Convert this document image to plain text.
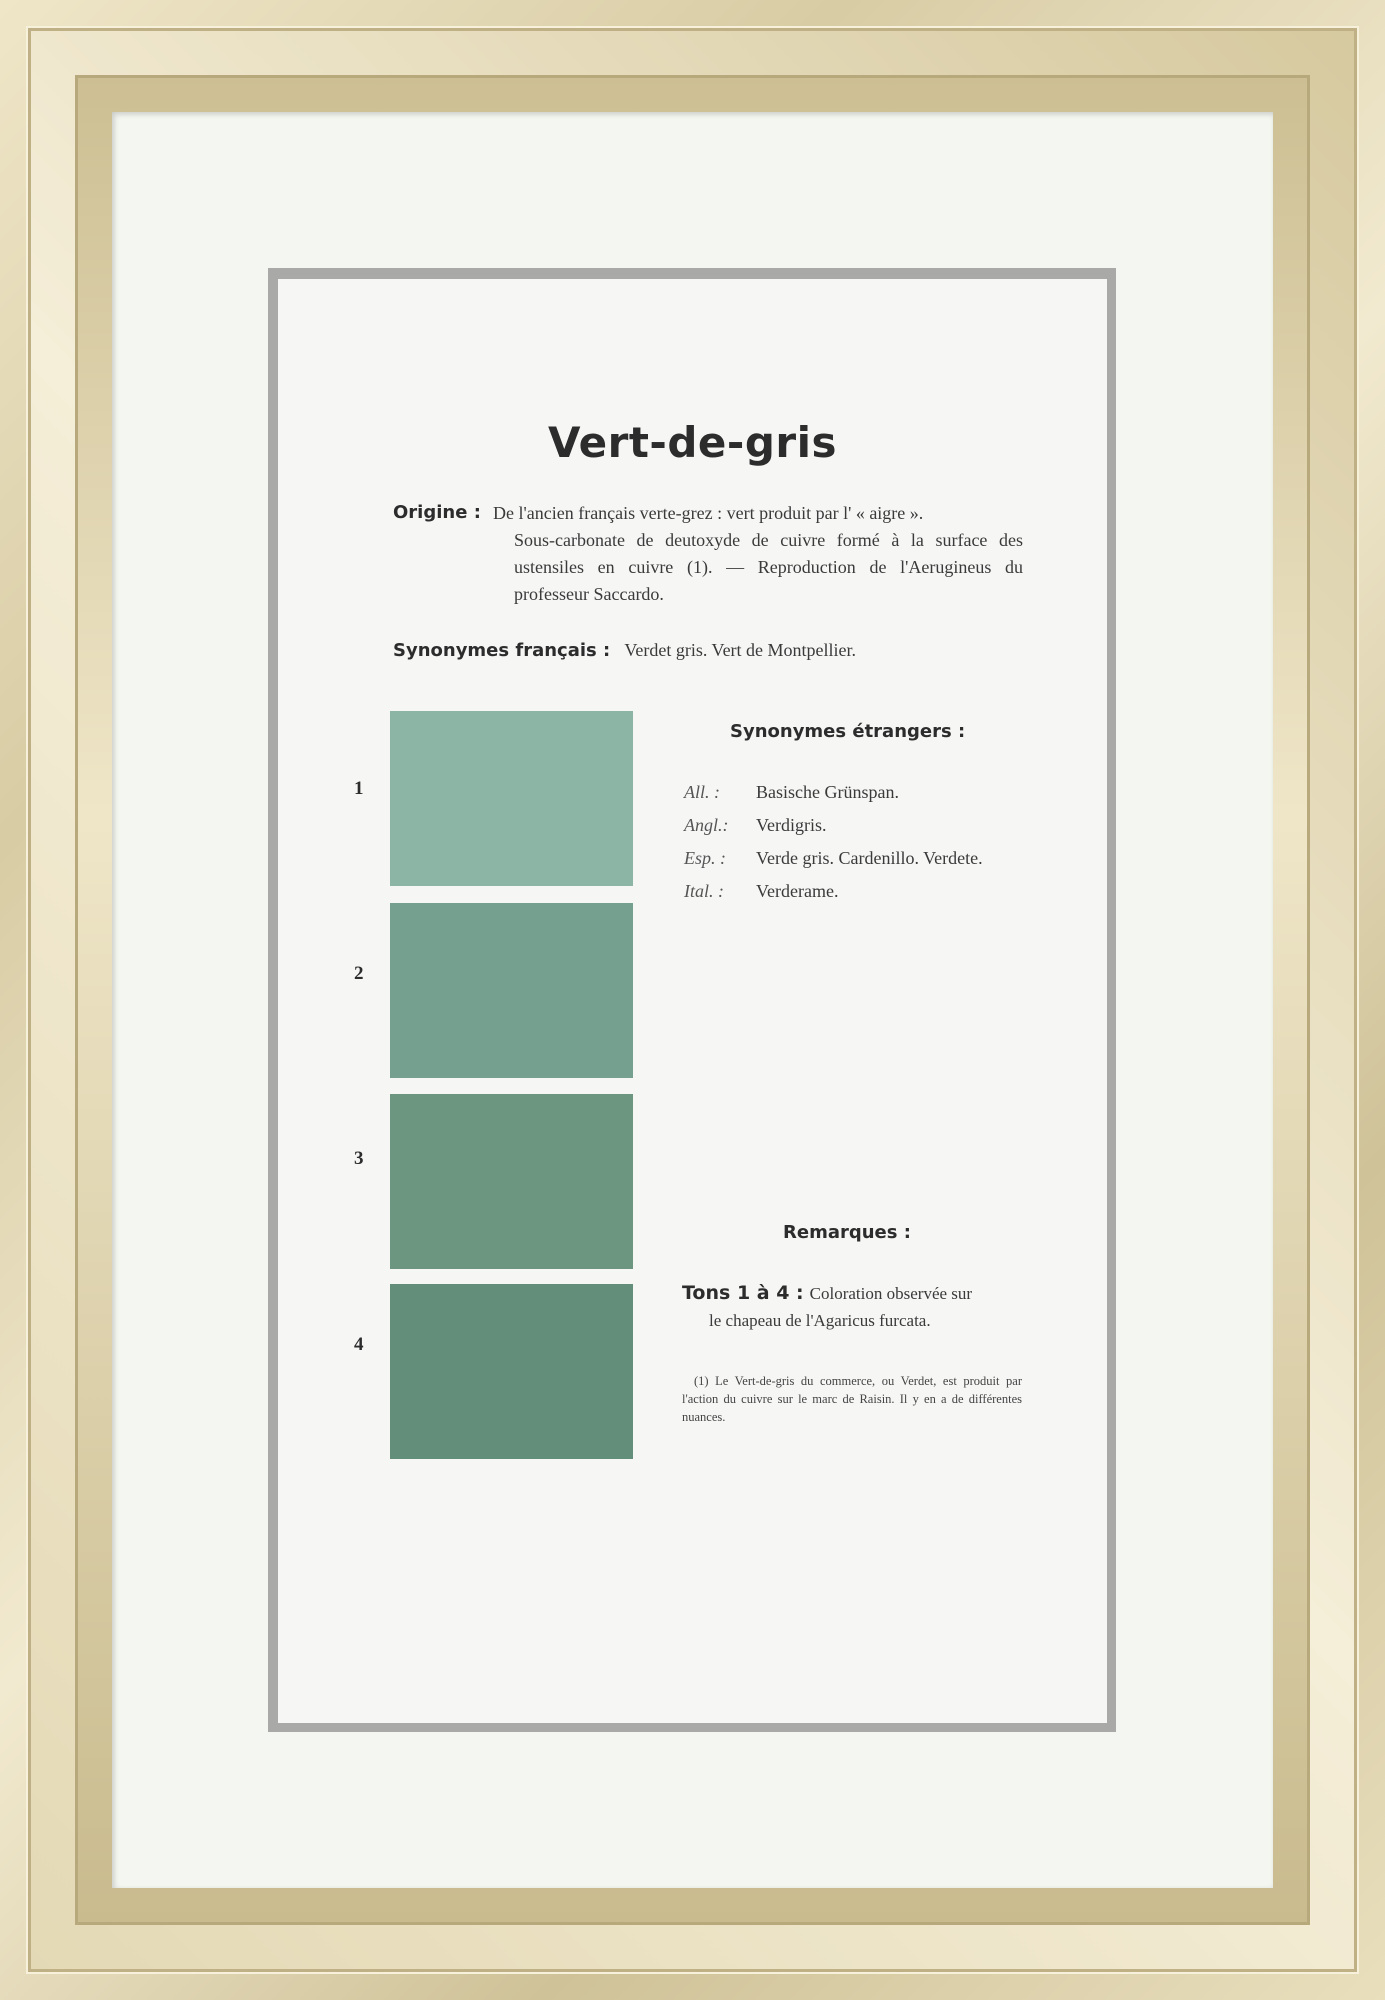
Vert-de-gris
Origine : De l'ancien français verte-grez : vert produit par l' « aigre ».
Sous-carbonate de deutoxyde de cuivre formé à la surface des ustensiles en cuivre (1). — Reproduction de l'Aerugineus du professeur Saccardo.
Synonymes français : Verdet gris. Vert de Montpellier.
1
2
3
4
Synonymes étrangers :
All. : Basische Grünspan.
Angl.: Verdigris.
Esp. : Verde gris. Cardenillo. Verdete.
Ital. : Verderame.
Remarques :
Tons 1 à 4 : Coloration observée sur
le chapeau de l'Agaricus furcata.
(1) Le Vert-de-gris du commerce, ou Verdet, est produit par l'action du cuivre sur le marc de Raisin. Il y en a de différentes nuances.
